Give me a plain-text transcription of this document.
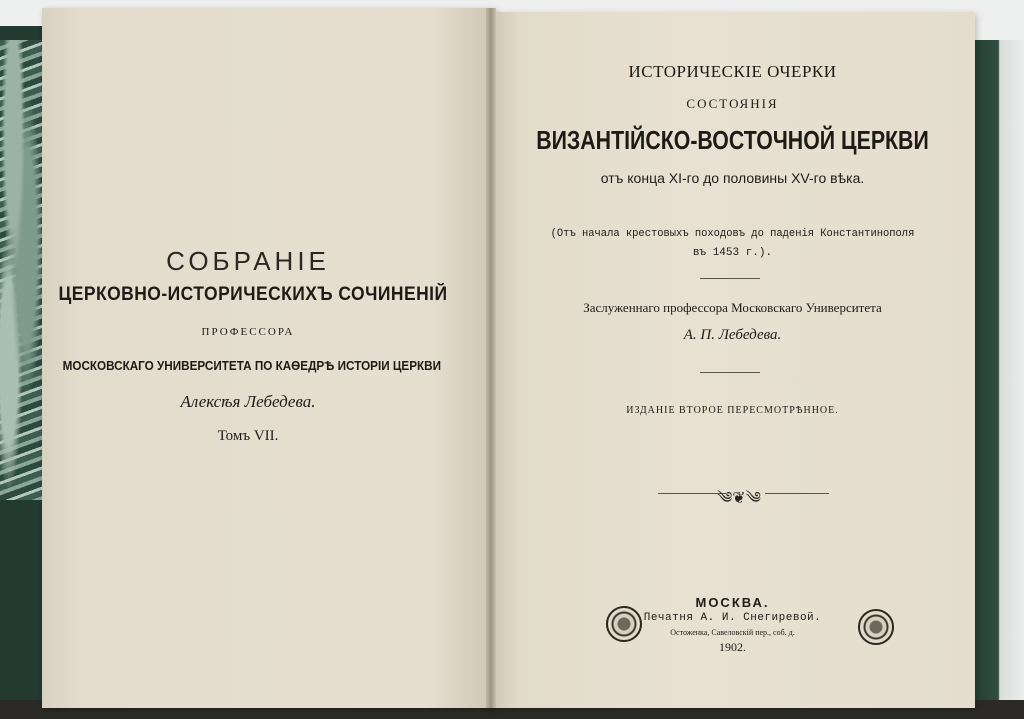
СОБРАНІЕ

ЦЕРКОВНО-ИСТОРИЧЕСКИХЪ СОЧИНЕНІЙ

ПРОФЕССОРА

МОСКОВСКАГО УНИВЕРСИТЕТА ПО КАѲЕДРѢ ИСТОРІИ ЦЕРКВИ

Алексѣя Лебедева.

Томъ VII.

ИСТОРИЧЕСКІЕ ОЧЕРКИ

СОСТОЯНІЯ

ВИЗАНТІЙСКО-ВОСТОЧНОЙ ЦЕРКВИ

отъ конца XI-го до половины XV-го вѣка.

(Отъ начала крестовыхъ походовъ до паденія Константинополя

въ 1453 г.).

Заслуженнаго профессора Московскаго Университета

А. П. Лебедева.

ИЗДАНІЕ ВТОРОЕ ПЕРЕСМОТРѢННОЕ.

༄❦༄

МОСКВА.

Печатня А. И. Снегиревой.

Остоженка, Савеловскій пер., соб. д.

1902.
